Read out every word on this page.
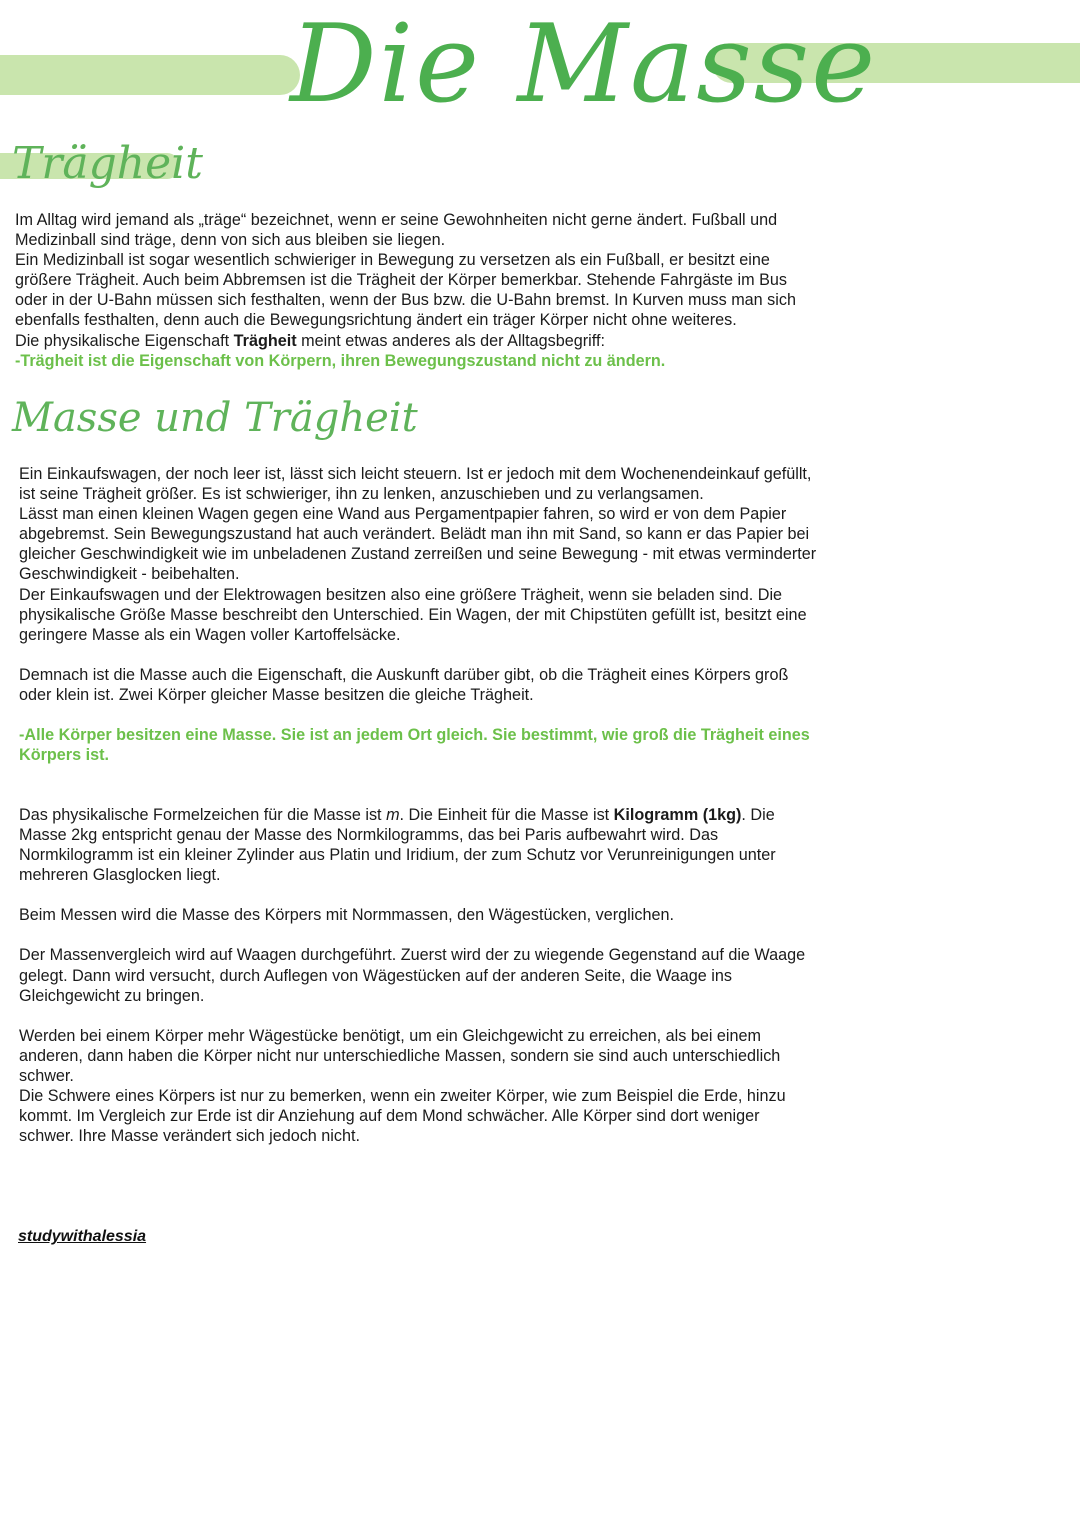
Die Masse
Trägheit

Im Alltag wird jemand als „träge“ bezeichnet, wenn er seine Gewohnheiten nicht gerne ändert. Fußball und

Medizinball sind träge, denn von sich aus bleiben sie liegen.

Ein Medizinball ist sogar wesentlich schwieriger in Bewegung zu versetzen als ein Fußball, er besitzt eine

größere Trägheit. Auch beim Abbremsen ist die Trägheit der Körper bemerkbar. Stehende Fahrgäste im Bus

oder in der U-Bahn müssen sich festhalten, wenn der Bus bzw. die U-Bahn bremst. In Kurven muss man sich

ebenfalls festhalten, denn auch die Bewegungsrichtung ändert ein träger Körper nicht ohne weiteres.

Die physikalische Eigenschaft Trägheit meint etwas anderes als der Alltagsbegriff:

-Trägheit ist die Eigenschaft von Körpern, ihren Bewegungszustand nicht zu ändern.

Masse und Trägheit

Ein Einkaufswagen, der noch leer ist, lässt sich leicht steuern. Ist er jedoch mit dem Wochenendeinkauf gefüllt,

ist seine Trägheit größer. Es ist schwieriger, ihn zu lenken, anzuschieben und zu verlangsamen.

Lässt man einen kleinen Wagen gegen eine Wand aus Pergamentpapier fahren, so wird er von dem Papier

abgebremst. Sein Bewegungszustand hat auch verändert. Belädt man ihn mit Sand, so kann er das Papier bei

gleicher Geschwindigkeit wie im unbeladenen Zustand zerreißen und seine Bewegung - mit etwas verminderter

Geschwindigkeit - beibehalten.

Der Einkaufswagen und der Elektrowagen besitzen also eine größere Trägheit, wenn sie beladen sind. Die

physikalische Größe Masse beschreibt den Unterschied. Ein Wagen, der mit Chipstüten gefüllt ist, besitzt eine

geringere Masse als ein Wagen voller Kartoffelsäcke.

Demnach ist die Masse auch die Eigenschaft, die Auskunft darüber gibt, ob die Trägheit eines Körpers groß

oder klein ist. Zwei Körper gleicher Masse besitzen die gleiche Trägheit.

-Alle Körper besitzen eine Masse. Sie ist an jedem Ort gleich. Sie bestimmt, wie groß die Trägheit eines

Körpers ist.

Das physikalische Formelzeichen für die Masse ist m. Die Einheit für die Masse ist Kilogramm (1kg). Die

Masse 2kg entspricht genau der Masse des Normkilogramms, das bei Paris aufbewahrt wird. Das

Normkilogramm ist ein kleiner Zylinder aus Platin und Iridium, der zum Schutz vor Verunreinigungen unter

mehreren Glasglocken liegt.

Beim Messen wird die Masse des Körpers mit Normmassen, den Wägestücken, verglichen.

Der Massenvergleich wird auf Waagen durchgeführt. Zuerst wird der zu wiegende Gegenstand auf die Waage

gelegt. Dann wird versucht, durch Auflegen von Wägestücken auf der anderen Seite, die Waage ins

Gleichgewicht zu bringen.

Werden bei einem Körper mehr Wägestücke benötigt, um ein Gleichgewicht zu erreichen, als bei einem

anderen, dann haben die Körper nicht nur unterschiedliche Massen, sondern sie sind auch unterschiedlich

schwer.

Die Schwere eines Körpers ist nur zu bemerken, wenn ein zweiter Körper, wie zum Beispiel die Erde, hinzu

kommt. Im Vergleich zur Erde ist dir Anziehung auf dem Mond schwächer. Alle Körper sind dort weniger

schwer. Ihre Masse verändert sich jedoch nicht.

studywithalessia
